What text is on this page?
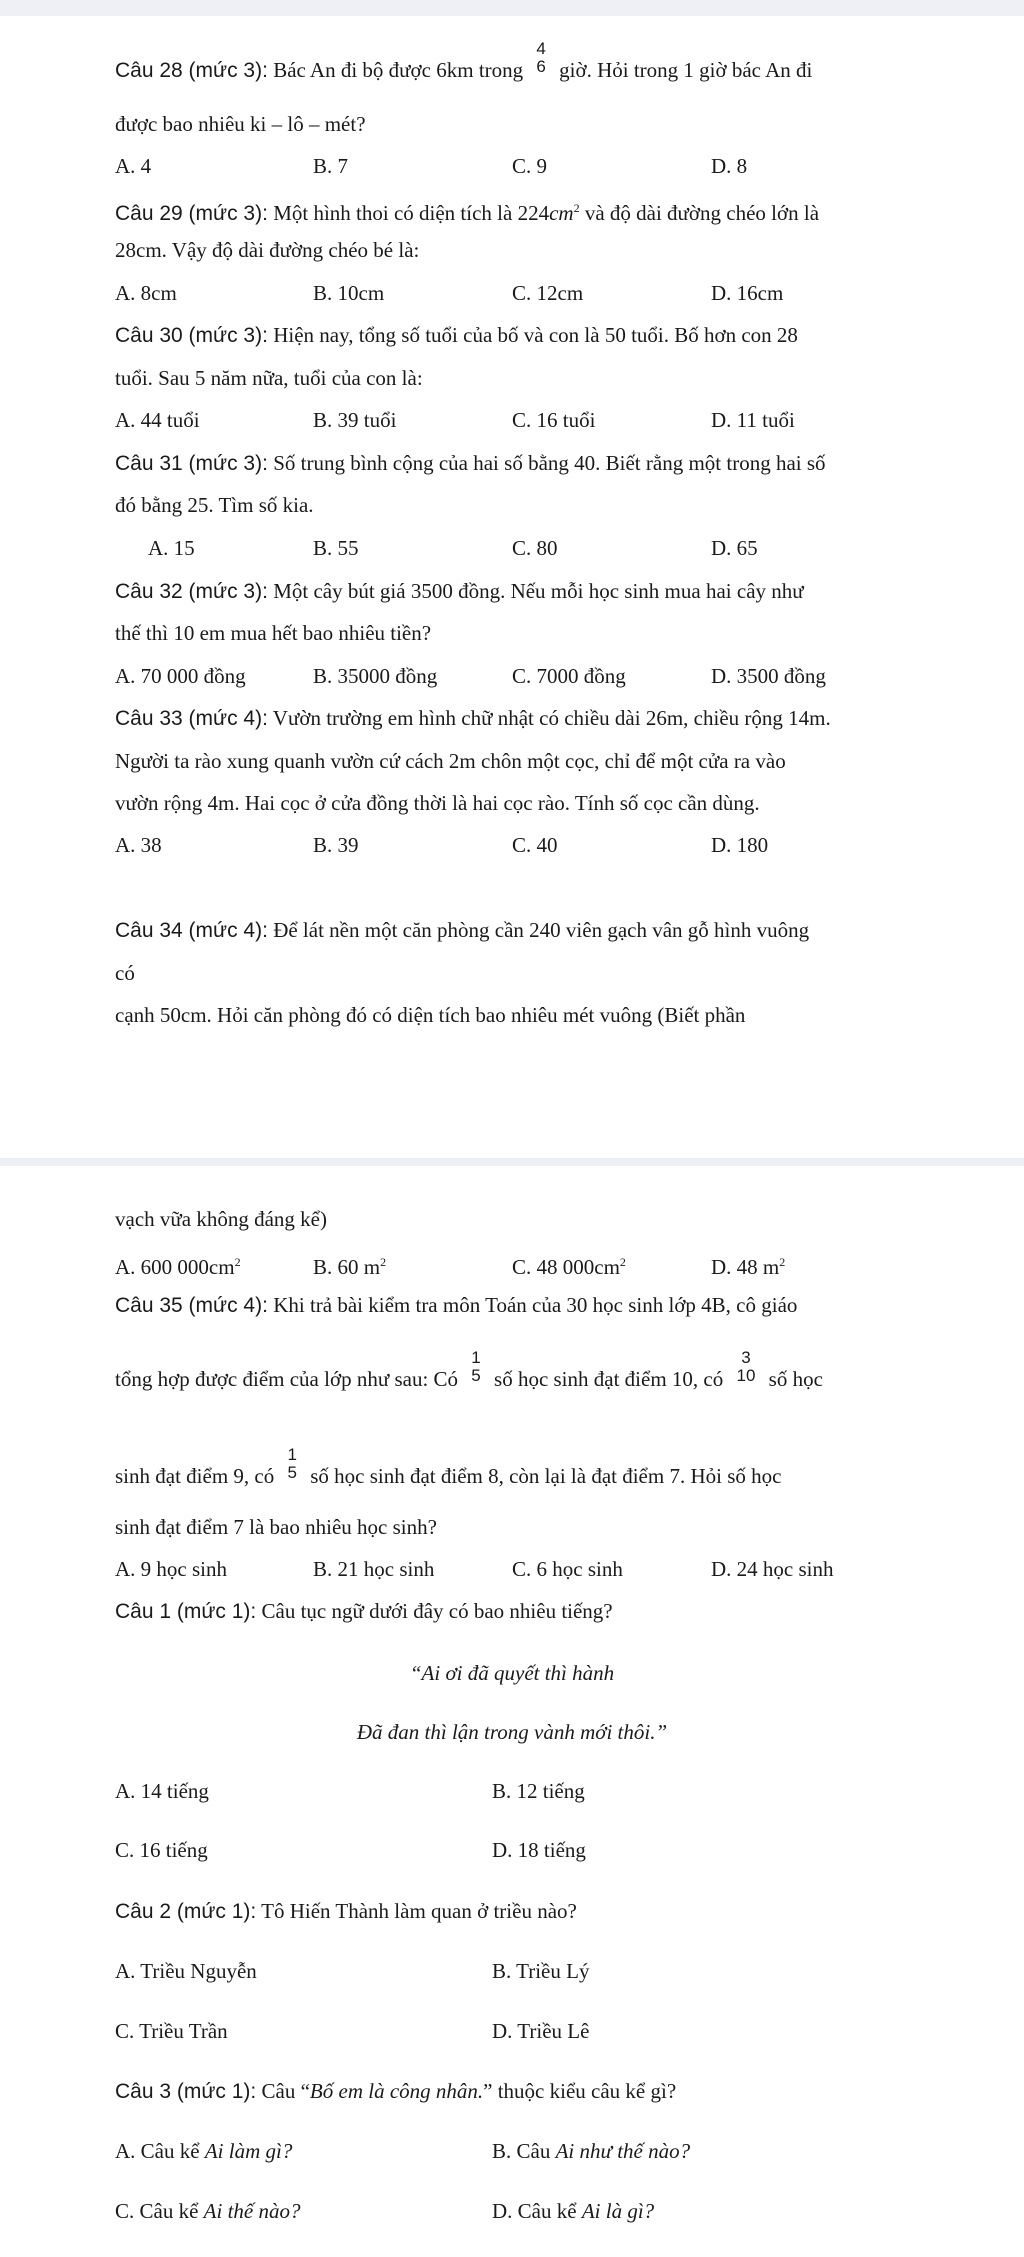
Câu 28 (mức 3): Bác An đi bộ được 6km trong
4
6 giờ. Hỏi trong 1 giờ bác An đi
được bao nhiêu ki – lô – mét?
A. 4	B. 7	C. 9	D. 8
Câu 29 (mức 3): Một hình thoi có diện tích là $224cm^2$ và độ dài đường chéo lớn là
28cm. Vậy độ dài đường chéo bé là:
A. 8cm	B. 10cm	C. 12cm	D. 16cm
Câu 30 (mức 3): Hiện nay, tổng số tuổi của bố và con là 50 tuổi. Bố hơn con 28
tuổi. Sau 5 năm nữa, tuổi của con là:
A. 44 tuổi	B. 39 tuổi	C. 16 tuổi	D. 11 tuổi
Câu 31 (mức 3): Số trung bình cộng của hai số bằng 40. Biết rằng một trong hai số
đó bằng 25. Tìm số kia.
A. 15	B. 55	C. 80	D. 65
Câu 32 (mức 3): Một cây bút giá 3500 đồng. Nếu mỗi học sinh mua hai cây như
thế thì 10 em mua hết bao nhiêu tiền?
A. 70 000 đồng	B. 35000 đồng	C. 7000 đồng	D. 3500 đồng
Câu 33 (mức 4): Vườn trường em hình chữ nhật có chiều dài 26m, chiều rộng 14m.
Người ta rào xung quanh vườn cứ cách 2m chôn một cọc, chỉ để một cửa ra vào
vườn rộng 4m. Hai cọc ở cửa đồng thời là hai cọc rào. Tính số cọc cần dùng.
A. 38	B. 39	C. 40	D. 180
Câu 34 (mức 4): Để lát nền một căn phòng cần 240 viên gạch vân gỗ hình vuông
có
cạnh 50cm. Hỏi căn phòng đó có diện tích bao nhiêu mét vuông (Biết phần
vạch vữa không đáng kể)
A. 600 $000cm^2$	B. 60 $m^2$	C. 48 $000cm^2$	D. 48 $m^2$
Câu 35 (mức 4): Khi trả bài kiểm tra môn Toán của 30 học sinh lớp 4B, cô giáo
tổng hợp được điểm của lớp như sau: Có
1
5 số học sinh đạt điểm 10, có
3
10 số học
sinh đạt điểm 9, có
1
5 số học sinh đạt điểm 8, còn lại là đạt điểm 7. Hỏi số học
sinh đạt điểm 7 là bao nhiêu học sinh?
A. 9 học sinh	B. 21 học sinh	C. 6 học sinh	D. 24 học sinh
Câu 1 (mức 1): Câu tục ngữ dưới đây có bao nhiêu tiếng?
“Ai ơi đã quyết thì hành
Đã đan thì lận trong vành mới thôi.”
A. 14 tiếng	B. 12 tiếng
C. 16 tiếng	D. 18 tiếng
Câu 2 (mức 1): Tô Hiến Thành làm quan ở triều nào?
A. Triều Nguyễn	B. Triều Lý
C. Triều Trần	D. Triều Lê
Câu 3 (mức 1): Câu “Bố em là công nhân.” thuộc kiểu câu kể gì?
A. Câu kể Ai làm gì?	B. Câu Ai như thế nào?
C. Câu kể Ai thế nào?	D. Câu kể Ai là gì?
